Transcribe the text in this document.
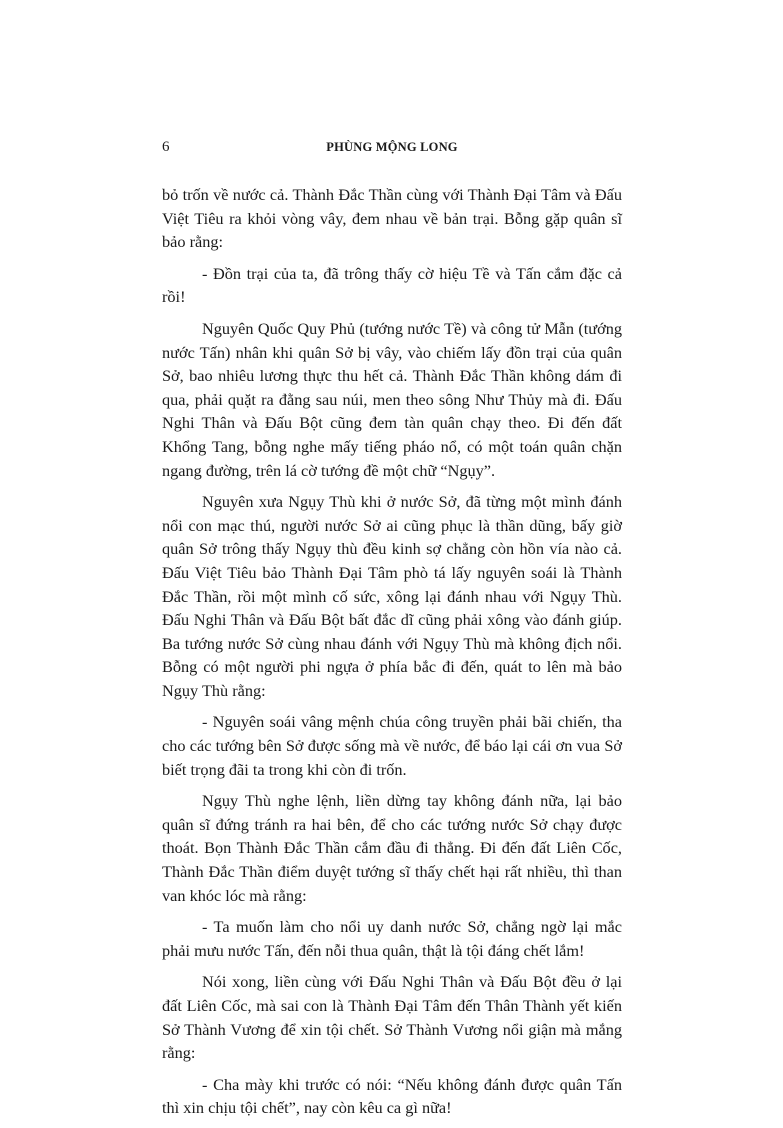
6	PHÙNG MỘNG LONG

bỏ trốn về nước cả. Thành Đắc Thần cùng với Thành Đại Tâm và Đấu Việt Tiêu ra khỏi vòng vây, đem nhau về bản trại. Bỗng gặp quân sĩ bảo rằng:

- Đồn trại của ta, đã trông thấy cờ hiệu Tề và Tấn cắm đặc cả rồi!

Nguyên Quốc Quy Phủ (tướng nước Tề) và công tử Mẫn (tướng nước Tấn) nhân khi quân Sở bị vây, vào chiếm lấy đồn trại của quân Sở, bao nhiêu lương thực thu hết cả. Thành Đắc Thần không dám đi qua, phải quặt ra đằng sau núi, men theo sông Như Thủy mà đi. Đấu Nghi Thân và Đấu Bột cũng đem tàn quân chạy theo. Đi đến đất Khổng Tang, bỗng nghe mấy tiếng pháo nổ, có một toán quân chặn ngang đường, trên lá cờ tướng đề một chữ “Ngụy”.

Nguyên xưa Ngụy Thù khi ở nước Sở, đã từng một mình đánh nổi con mạc thú, người nước Sở ai cũng phục là thần dũng, bấy giờ quân Sở trông thấy Ngụy thù đều kinh sợ chẳng còn hồn vía nào cả. Đấu Việt Tiêu bảo Thành Đại Tâm phò tá lấy nguyên soái là Thành Đắc Thần, rồi một mình cố sức, xông lại đánh nhau với Ngụy Thù. Đấu Nghi Thân và Đấu Bột bất đắc dĩ cũng phải xông vào đánh giúp. Ba tướng nước Sở cùng nhau đánh với Ngụy Thù mà không địch nổi. Bỗng có một người phi ngựa ở phía bắc đi đến, quát to lên mà bảo Ngụy Thù rằng:

- Nguyên soái vâng mệnh chúa công truyền phải bãi chiến, tha cho các tướng bên Sở được sống mà về nước, để báo lại cái ơn vua Sở biết trọng đãi ta trong khi còn đi trốn.

Ngụy Thù nghe lệnh, liền dừng tay không đánh nữa, lại bảo quân sĩ đứng tránh ra hai bên, để cho các tướng nước Sở chạy được thoát. Bọn Thành Đắc Thần cắm đầu đi thẳng. Đi đến đất Liên Cốc, Thành Đắc Thần điểm duyệt tướng sĩ thấy chết hại rất nhiều, thì than van khóc lóc mà rằng:

- Ta muốn làm cho nổi uy danh nước Sở, chẳng ngờ lại mắc phải mưu nước Tấn, đến nỗi thua quân, thật là tội đáng chết lắm!

Nói xong, liền cùng với Đấu Nghi Thân và Đấu Bột đều ở lại đất Liên Cốc, mà sai con là Thành Đại Tâm đến Thân Thành yết kiến Sở Thành Vương để xin tội chết. Sở Thành Vương nổi giận mà mắng rằng:

- Cha mày khi trước có nói: “Nếu không đánh được quân Tấn thì xin chịu tội chết”, nay còn kêu ca gì nữa!
